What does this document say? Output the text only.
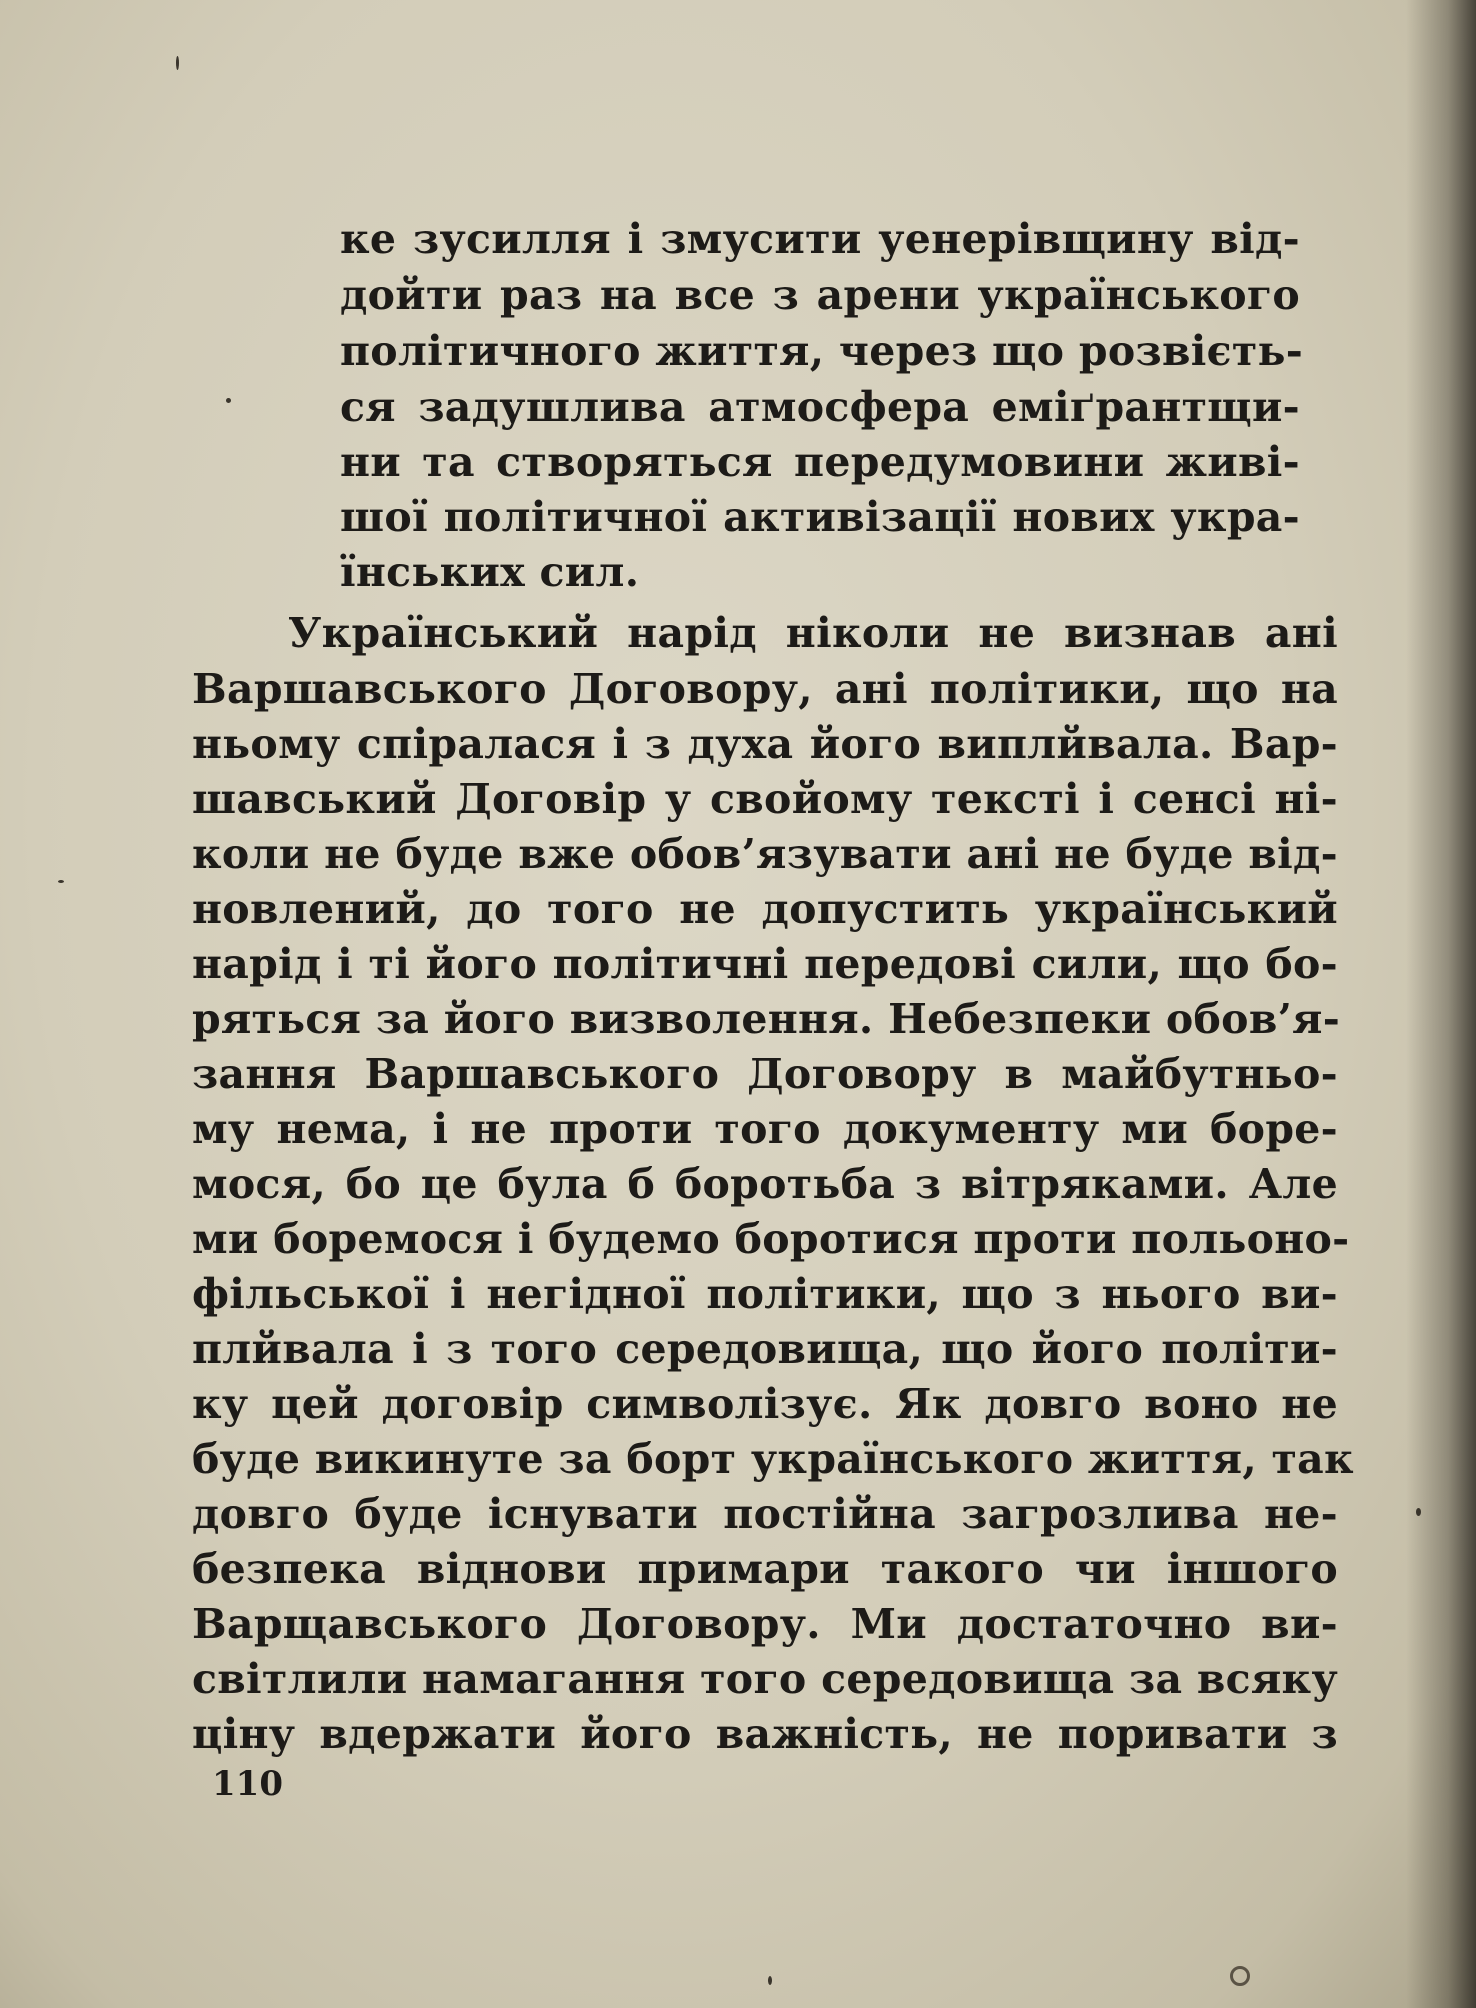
ке зусилля і змусити уенерівщину від-

дойти раз на все з арени українського

політичного життя, через що розвієть-

ся задушлива атмосфера еміґрантщи-

ни та створяться передумовини живі-

шої політичної активізації нових укра-

їнських сил.

Український нарід ніколи не визнав ані

Варшавського Договору, ані політики, що на

ньому спіралася і з духа його виплйвала. Вар-

шавський Договір у свойому тексті і сенсі ні-

коли не буде вже обов’язувати ані не буде від-

новлений, до того не допустить український

нарід і ті його політичні передові сили, що бо-

ряться за його визволення. Небезпеки обов’я-

зання Варшавського Договору в майбутньо-

му нема, і не проти того документу ми боре-

мося, бо це була б боротьба з вітряками. Але

ми боремося і будемо боротися проти польоно-

фільської і негідної політики, що з нього ви-

плйвала і з того середовища, що його політи-

ку цей договір символізує. Як довго воно не

буде викинуте за борт українського життя, так

довго буде існувати постійна загрозлива не-

безпека віднови примари такого чи іншого

Варщавського Договору. Ми достаточно ви-

світлили намагання того середовища за всяку

ціну вдержати його важність, не поривати з

110
